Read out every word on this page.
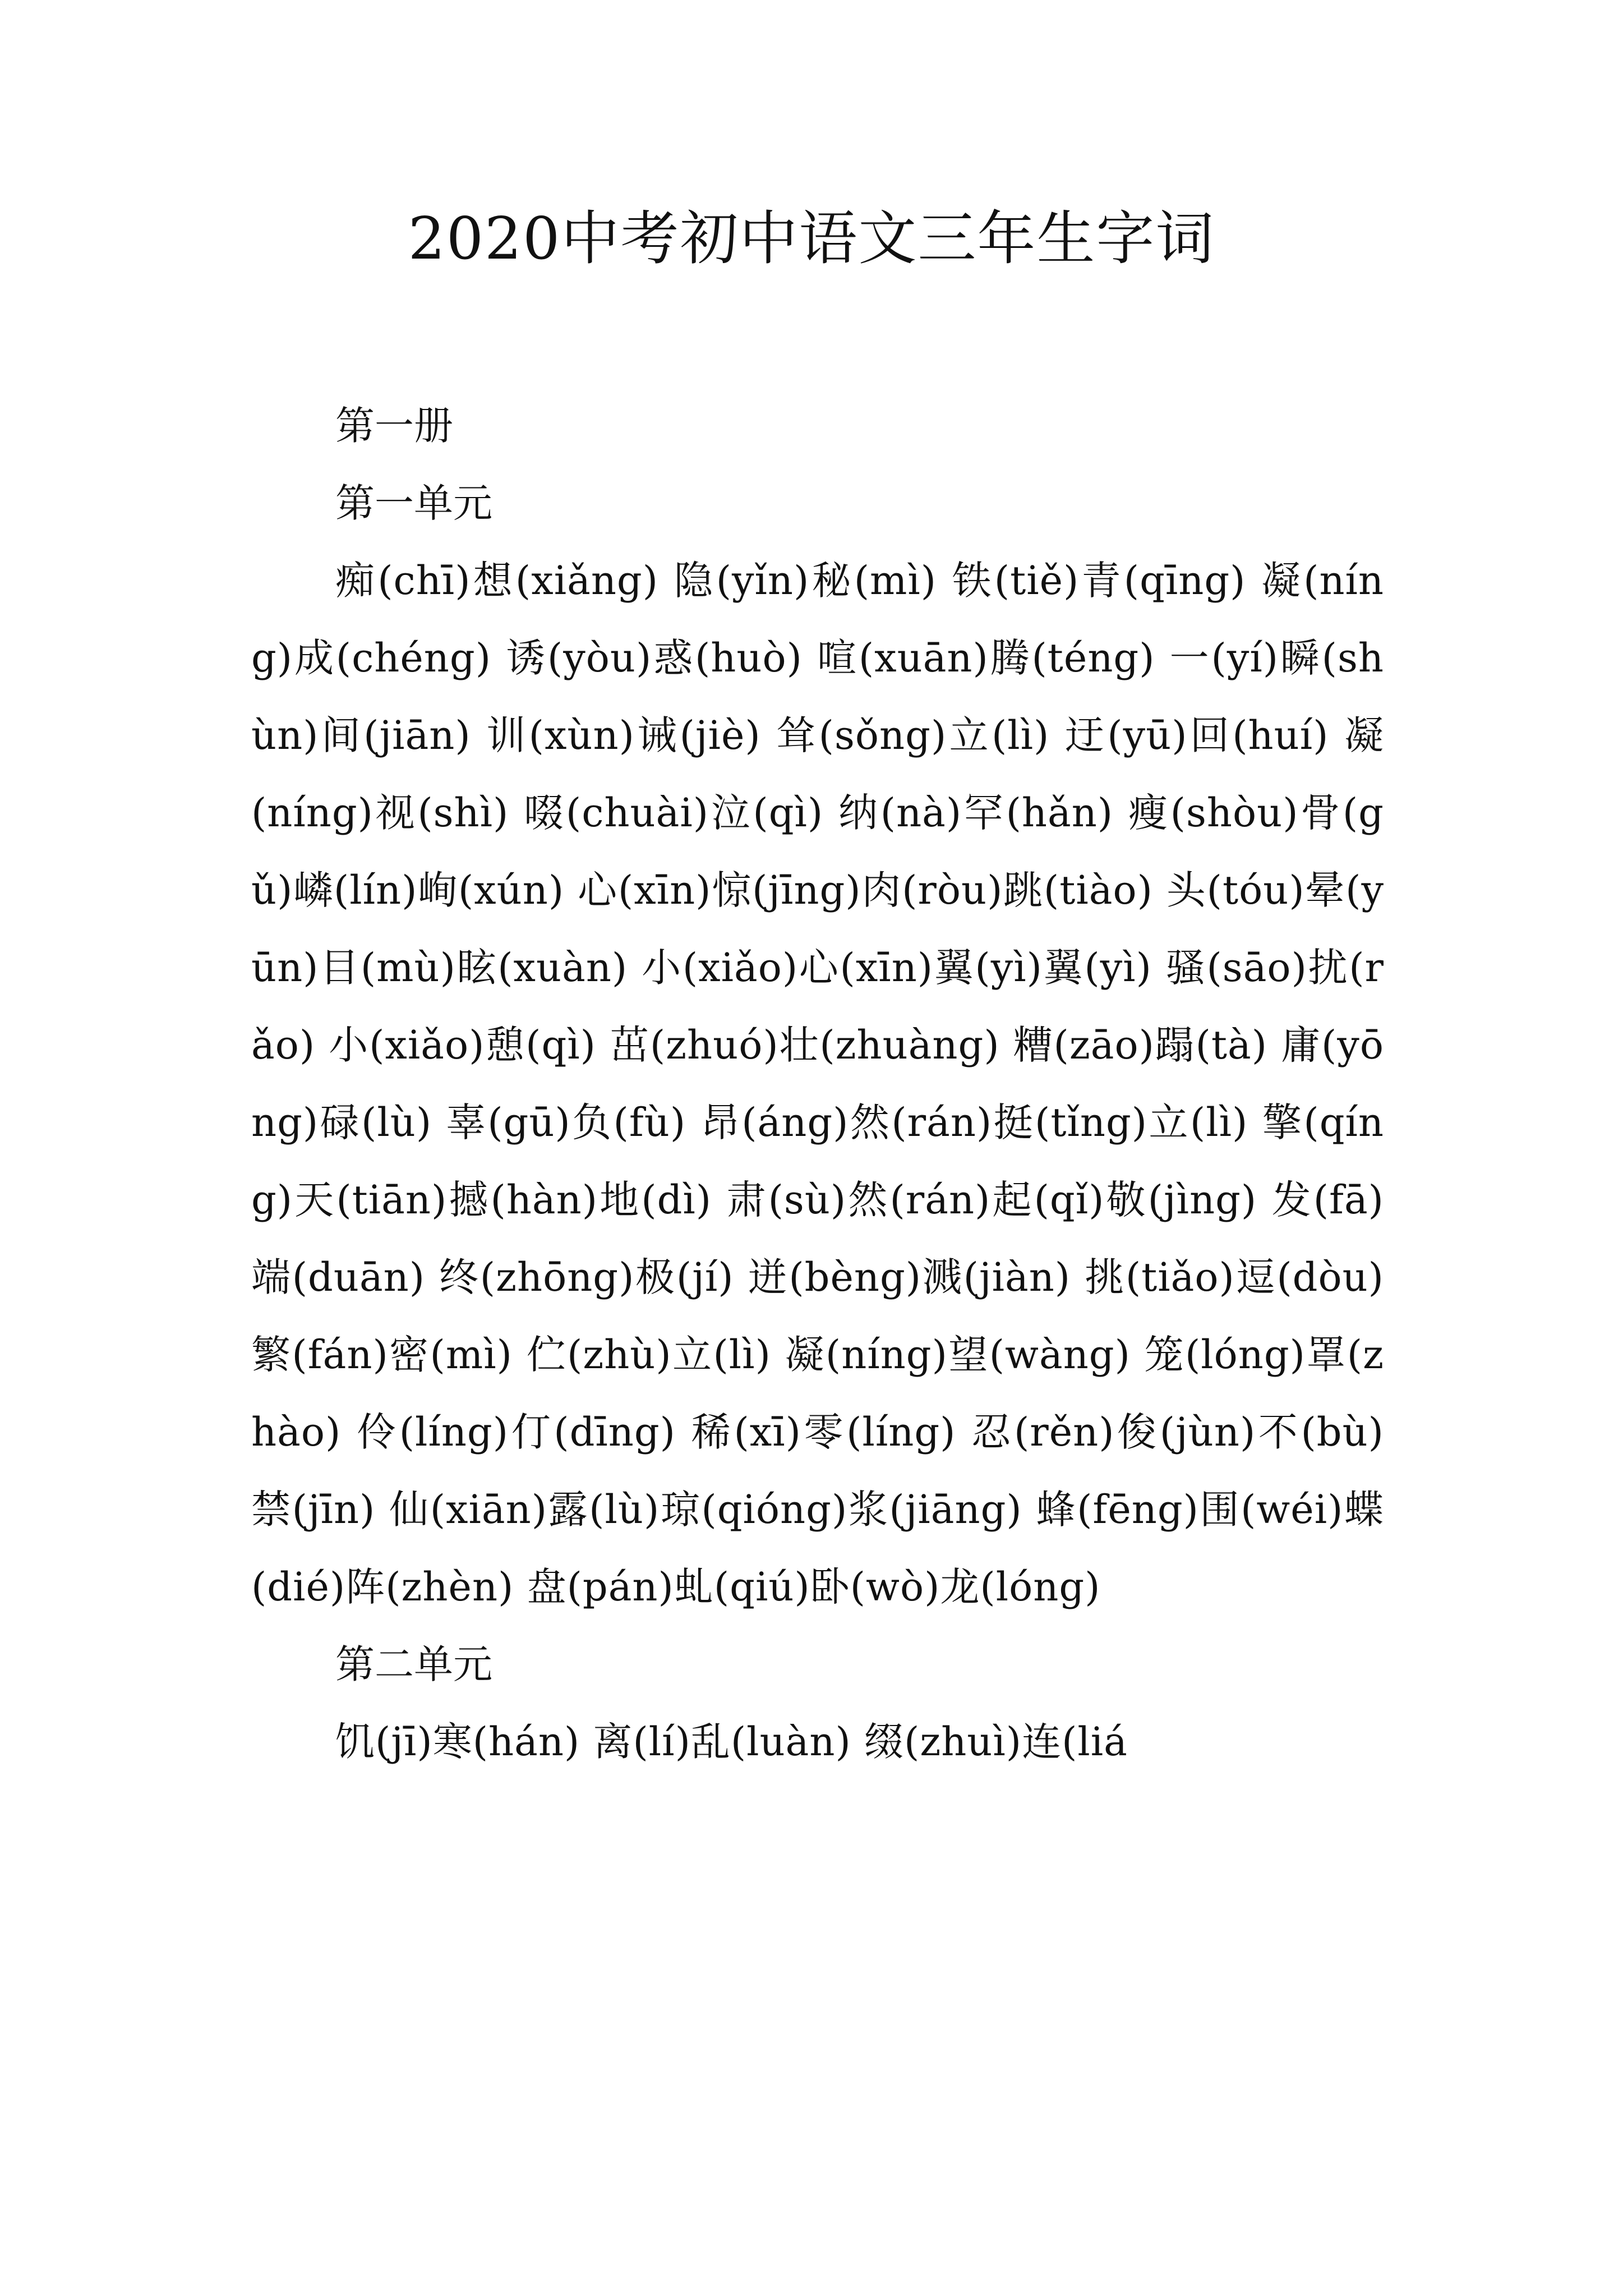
2020中考初中语文三年生字词

第一册

第一单元

痴(chī)想(xiǎng) 隐(yǐn)秘(mì) 铁(tiě)青(qīng) 凝(níng)成(chéng) 诱(yòu)惑(huò) 喧(xuān)腾(téng) 一(yí)瞬(shùn)间(jiān) 训(xùn)诫(jiè) 耸(sǒng)立(lì) 迂(yū)回(huí) 凝(níng)视(shì) 啜(chuài)泣(qì) 纳(nà)罕(hǎn) 瘦(shòu)骨(gǔ)嶙(lín)峋(xún) 心(xīn)惊(jīng)肉(ròu)跳(tiào) 头(tóu)晕(yūn)目(mù)眩(xuàn) 小(xiǎo)心(xīn)翼(yì)翼(yì) 骚(sāo)扰(rǎo) 小(xiǎo)憩(qì) 茁(zhuó)壮(zhuàng) 糟(zāo)蹋(tà) 庸(yōng)碌(lù) 辜(gū)负(fù) 昂(áng)然(rán)挺(tǐng)立(lì) 擎(qíng)天(tiān)撼(hàn)地(dì) 肃(sù)然(rán)起(qǐ)敬(jìng) 发(fā)端(duān) 终(zhōng)极(jí) 迸(bèng)溅(jiàn) 挑(tiǎo)逗(dòu) 繁(fán)密(mì) 伫(zhù)立(lì) 凝(níng)望(wàng) 笼(lóng)罩(zhào) 伶(líng)仃(dīng) 稀(xī)零(líng) 忍(rěn)俊(jùn)不(bù)禁(jīn) 仙(xiān)露(lù)琼(qióng)浆(jiāng) 蜂(fēng)围(wéi)蝶(dié)阵(zhèn) 盘(pán)虬(qiú)卧(wò)龙(lóng)

第二单元

饥(jī)寒(hán) 离(lí)乱(luàn) 缀(zhuì)连(liá
